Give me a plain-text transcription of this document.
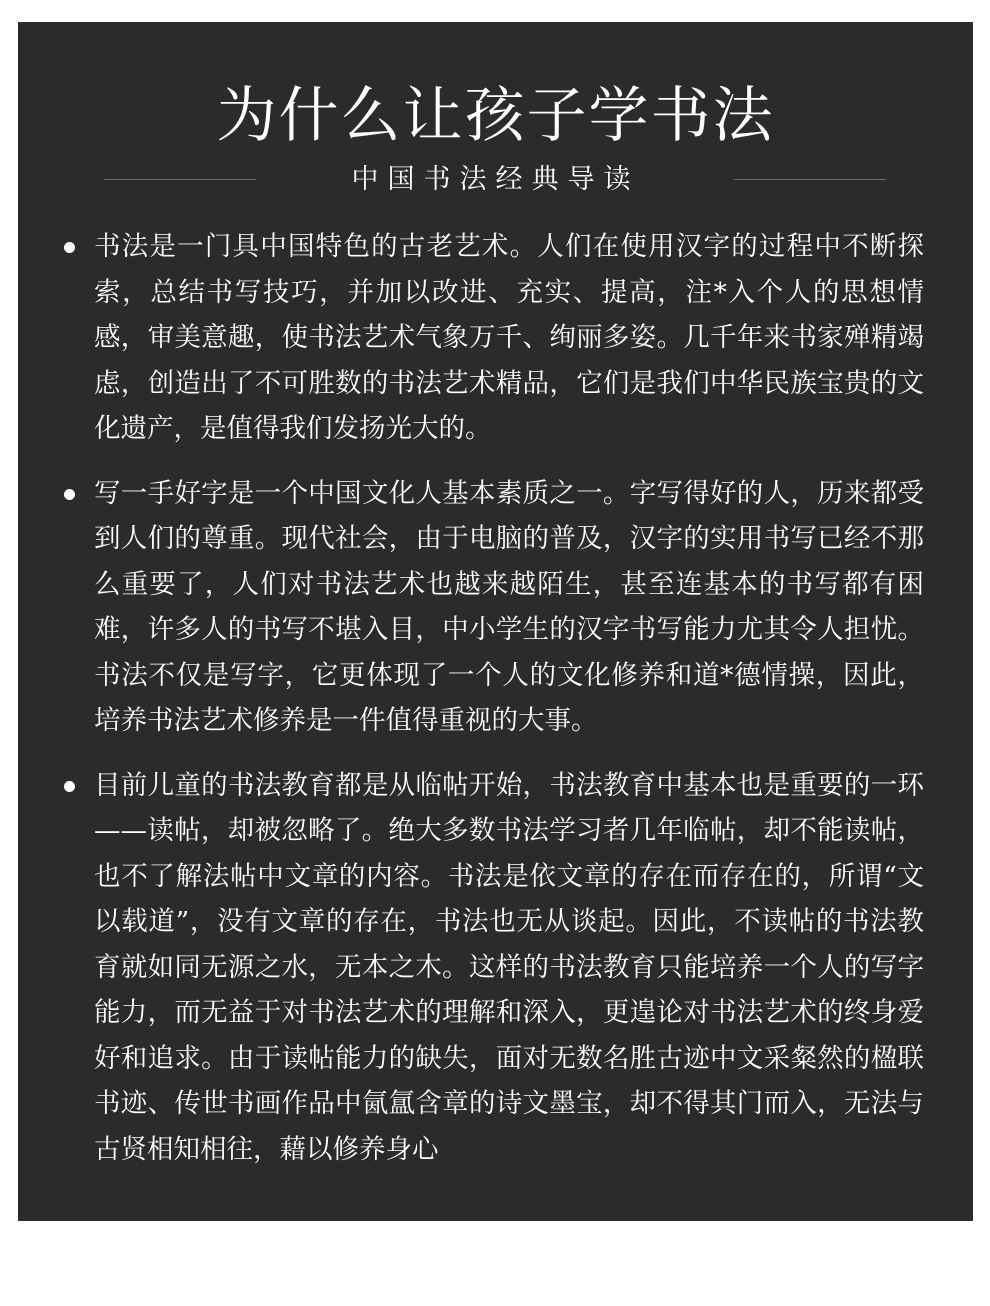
为什么让孩子学书法
中国书法经典导读
书法是一门具中国特色的古老艺术。人们在使用汉字的过程中不断探索，总结书写技巧，并加以改进、充实、提高，注*入个人的思想情感，审美意趣，使书法艺术气象万千、绚丽多姿。几千年来书家殚精竭虑，创造出了不可胜数的书法艺术精品，它们是我们中华民族宝贵的文化遗产，是值得我们发扬光大的。
写一手好字是一个中国文化人基本素质之一。字写得好的人，历来都受到人们的尊重。现代社会，由于电脑的普及，汉字的实用书写已经不那么重要了，人们对书法艺术也越来越陌生，甚至连基本的书写都有困难，许多人的书写不堪入目，中小学生的汉字书写能力尤其令人担忧。书法不仅是写字，它更体现了一个人的文化修养和道*德情操，因此，培养书法艺术修养是一件值得重视的大事。
目前儿童的书法教育都是从临帖开始，书法教育中基本也是重要的一环——读帖，却被忽略了。绝大多数书法学习者几年临帖，却不能读帖，也不了解法帖中文章的内容。书法是依文章的存在而存在的，所谓“文以载道”，没有文章的存在，书法也无从谈起。因此，不读帖的书法教育就如同无源之水，无本之木。这样的书法教育只能培养一个人的写字能力，而无益于对书法艺术的理解和深入，更遑论对书法艺术的终身爱好和追求。由于读帖能力的缺失，面对无数名胜古迹中文采粲然的楹联书迹、传世书画作品中氤氲含章的诗文墨宝，却不得其门而入，无法与古贤相知相往，藉以修养身心
